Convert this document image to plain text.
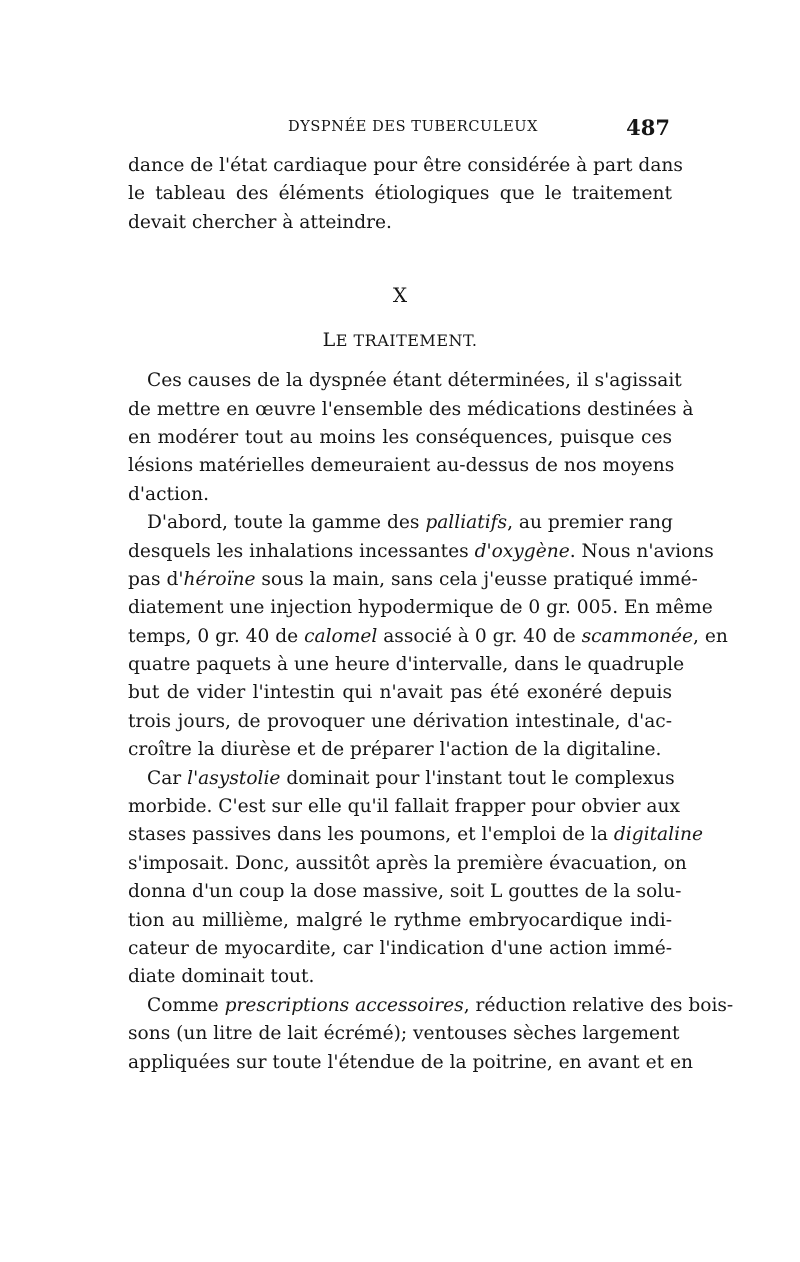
DYSPNÉE DES TUBERCULEUX	487
dance de l'état cardiaque pour être considérée à part dans
le tableau des éléments étiologiques que le traitement
devait chercher à atteindre.
X
LE TRAITEMENT.
Ces causes de la dyspnée étant déterminées, il s'agissait
de mettre en œuvre l'ensemble des médications destinées à
en modérer tout au moins les conséquences, puisque ces
lésions matérielles demeuraient au-dessus de nos moyens
d'action.
D'abord, toute la gamme des palliatifs, au premier rang
desquels les inhalations incessantes d'oxygène. Nous n'avions
pas d'héroïne sous la main, sans cela j'eusse pratiqué immé-
diatement une injection hypodermique de 0 gr. 005. En même
temps, 0 gr. 40 de calomel associé à 0 gr. 40 de scammonée, en
quatre paquets à une heure d'intervalle, dans le quadruple
but de vider l'intestin qui n'avait pas été exonéré depuis
trois jours, de provoquer une dérivation intestinale, d'ac-
croître la diurèse et de préparer l'action de la digitaline.
Car l'asystolie dominait pour l'instant tout le complexus
morbide. C'est sur elle qu'il fallait frapper pour obvier aux
stases passives dans les poumons, et l'emploi de la digitaline
s'imposait. Donc, aussitôt après la première évacuation, on
donna d'un coup la dose massive, soit L gouttes de la solu-
tion au millième, malgré le rythme embryocardique indi-
cateur de myocardite, car l'indication d'une action immé-
diate dominait tout.
Comme prescriptions accessoires, réduction relative des bois-
sons (un litre de lait écrémé); ventouses sèches largement
appliquées sur toute l'étendue de la poitrine, en avant et en
